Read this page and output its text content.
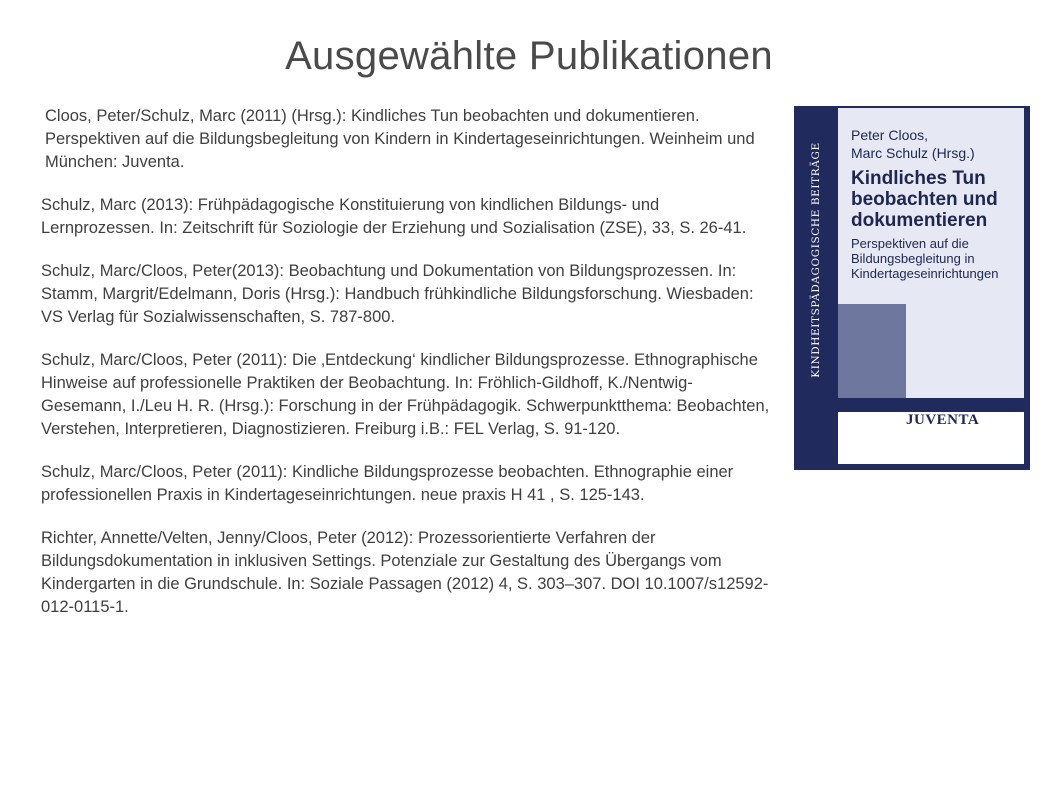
Ausgewählte Publikationen

Cloos, Peter/Schulz, Marc (2011) (Hrsg.): Kindliches Tun beobachten und dokumentieren. Perspektiven auf die Bildungsbegleitung von Kindern in Kindertageseinrichtungen. Weinheim und München: Juventa.

Schulz, Marc (2013): Frühpädagogische Konstituierung von kindlichen Bildungs- und Lernprozessen. In: Zeitschrift für Soziologie der Erziehung und Sozialisation (ZSE), 33, S. 26-41.

Schulz, Marc/Cloos, Peter(2013): Beobachtung und Dokumentation von Bildungsprozessen. In: Stamm, Margrit/Edelmann, Doris (Hrsg.): Handbuch frühkindliche Bildungsforschung. Wiesbaden: VS Verlag für Sozialwissenschaften, S. 787-800.

Schulz, Marc/Cloos, Peter (2011): Die ‚Entdeckung‘ kindlicher Bildungsprozesse. Ethnographische Hinweise auf professionelle Praktiken der Beobachtung. In: Fröhlich-Gildhoff, K./Nentwig-Gesemann, I./Leu H. R. (Hrsg.): Forschung in der Frühpädagogik. Schwerpunktthema: Beobachten, Verstehen, Interpretieren, Diagnostizieren. Freiburg i.B.: FEL Verlag, S. 91-120.

Schulz, Marc/Cloos, Peter (2011): Kindliche Bildungsprozesse beobachten. Ethnographie einer professionellen Praxis in Kindertageseinrichtungen. neue praxis H 41 , S. 125-143.

Richter, Annette/Velten, Jenny/Cloos, Peter (2012): Prozessorientierte Verfahren der Bildungsdokumentation in inklusiven Settings. Potenziale zur Gestaltung des Übergangs vom Kindergarten in die Grundschule. In: Soziale Passagen (2012) 4, S. 303–307. DOI 10.1007/s12592-012-0115-1.

KINDHEITSPÄDAGOGISCHE BEITRÄGE
Peter Cloos,
Marc Schulz (Hrsg.)
Kindliches Tun
beobachten und
dokumentieren
Perspektiven auf die
Bildungsbegleitung in
Kindertageseinrichtungen
JUVENTA
